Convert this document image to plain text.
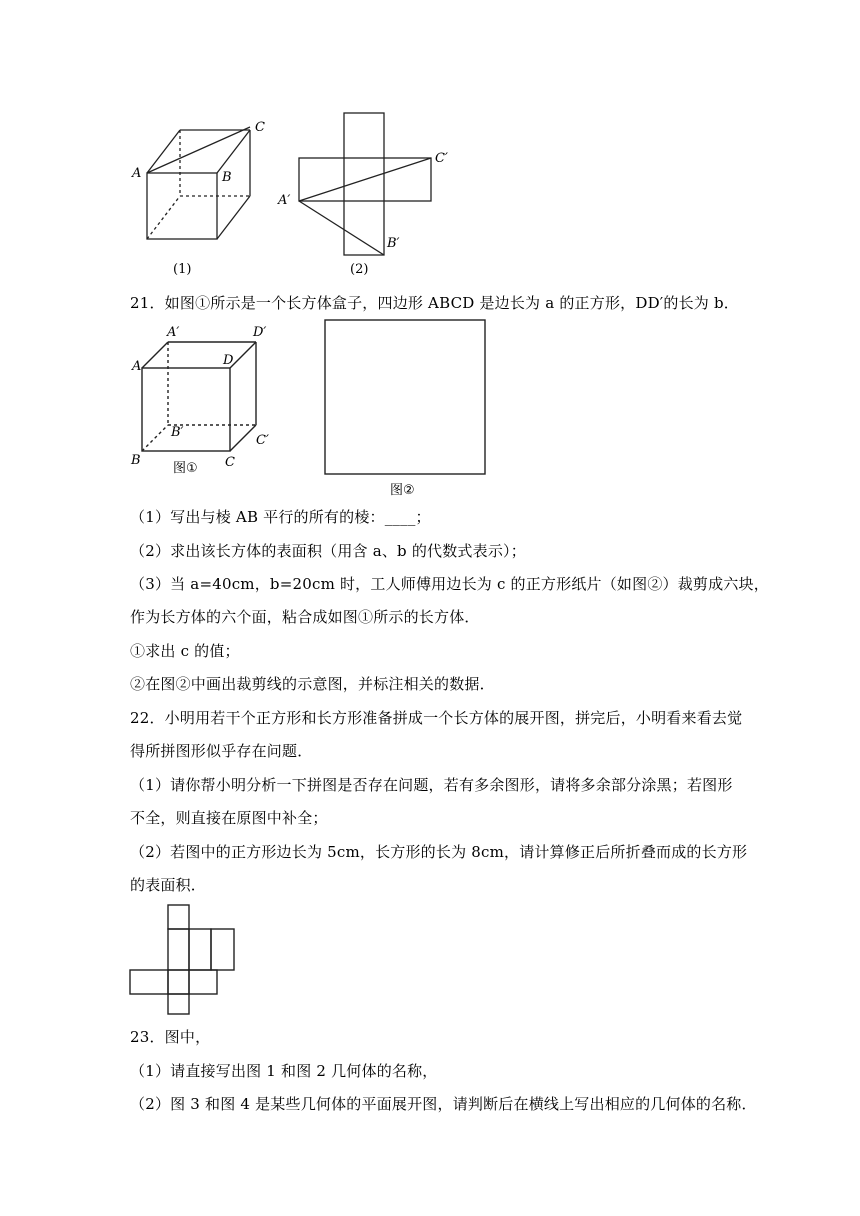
A	B
C
(1)
C′
A′
B′
(2)
21．如图①所示是一个长方体盒子，四边形 ABCD 是边长为 a 的正方形，DD′的长为 b．
A
A′
D
D′
B
B′
C
C′
图①
图②
（1）写出与棱 AB 平行的所有的棱：____；
（2）求出该长方体的表面积（用含 a、b 的代数式表示）；
（3）当 a=40cm，b=20cm 时，工人师傅用边长为 c 的正方形纸片（如图②）裁剪成六块，
作为长方体的六个面，粘合成如图①所示的长方体．
①求出 c 的值；
②在图②中画出裁剪线的示意图，并标注相关的数据．
22．小明用若干个正方形和长方形准备拼成一个长方体的展开图，拼完后，小明看来看去觉
得所拼图形似乎存在问题．
（1）请你帮小明分析一下拼图是否存在问题，若有多余图形，请将多余部分涂黑；若图形
不全，则直接在原图中补全；
（2）若图中的正方形边长为 5cm，长方形的长为 8cm，请计算修正后所折叠而成的长方形
的表面积．
23．图中，
（1）请直接写出图 1 和图 2 几何体的名称，
（2）图 3 和图 4 是某些几何体的平面展开图，请判断后在横线上写出相应的几何体的名称．
